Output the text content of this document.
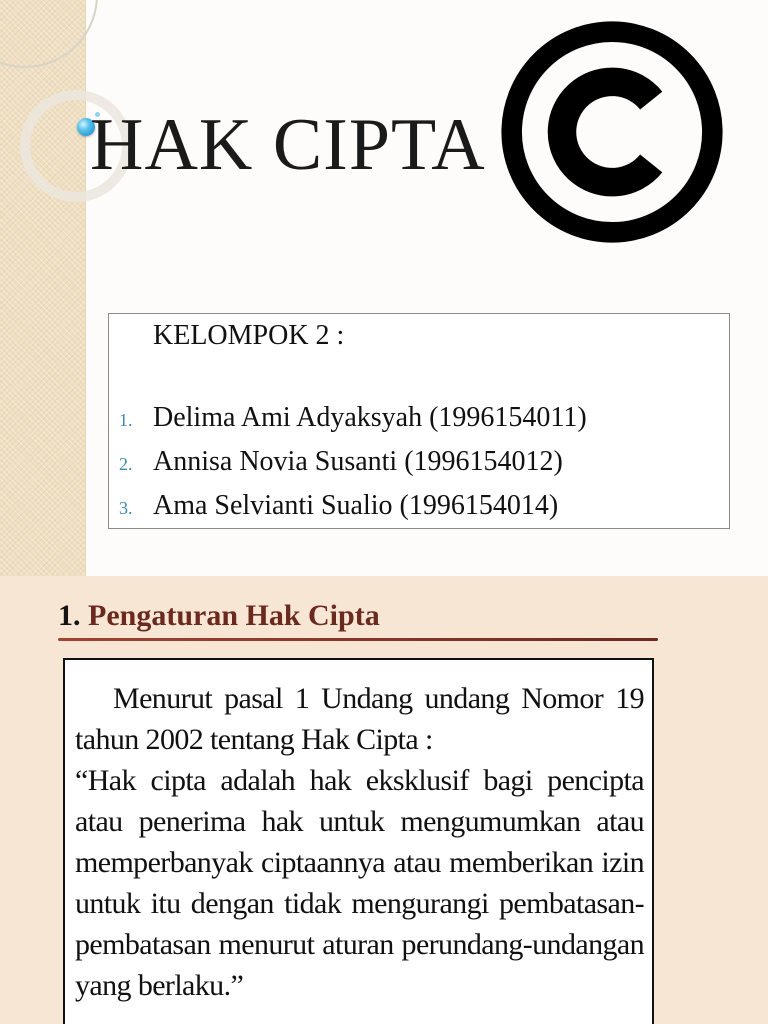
HAK CIPTA
KELOMPOK 2 :
1. Delima Ami Adyaksyah (1996154011)
2. Annisa Novia Susanti (1996154012)
3. Ama Selvianti Sualio (1996154014)
1. Pengaturan Hak Cipta

Menurut pasal 1 Undang undang Nomor 19 tahun 2002 tentang Hak Cipta :

“Hak cipta adalah hak eksklusif bagi pencipta atau penerima hak untuk mengumumkan atau memperbanyak ciptaannya atau memberikan izin untuk itu dengan tidak mengurangi pembatasan-pembatasan menurut aturan perundang-undangan yang berlaku.”
